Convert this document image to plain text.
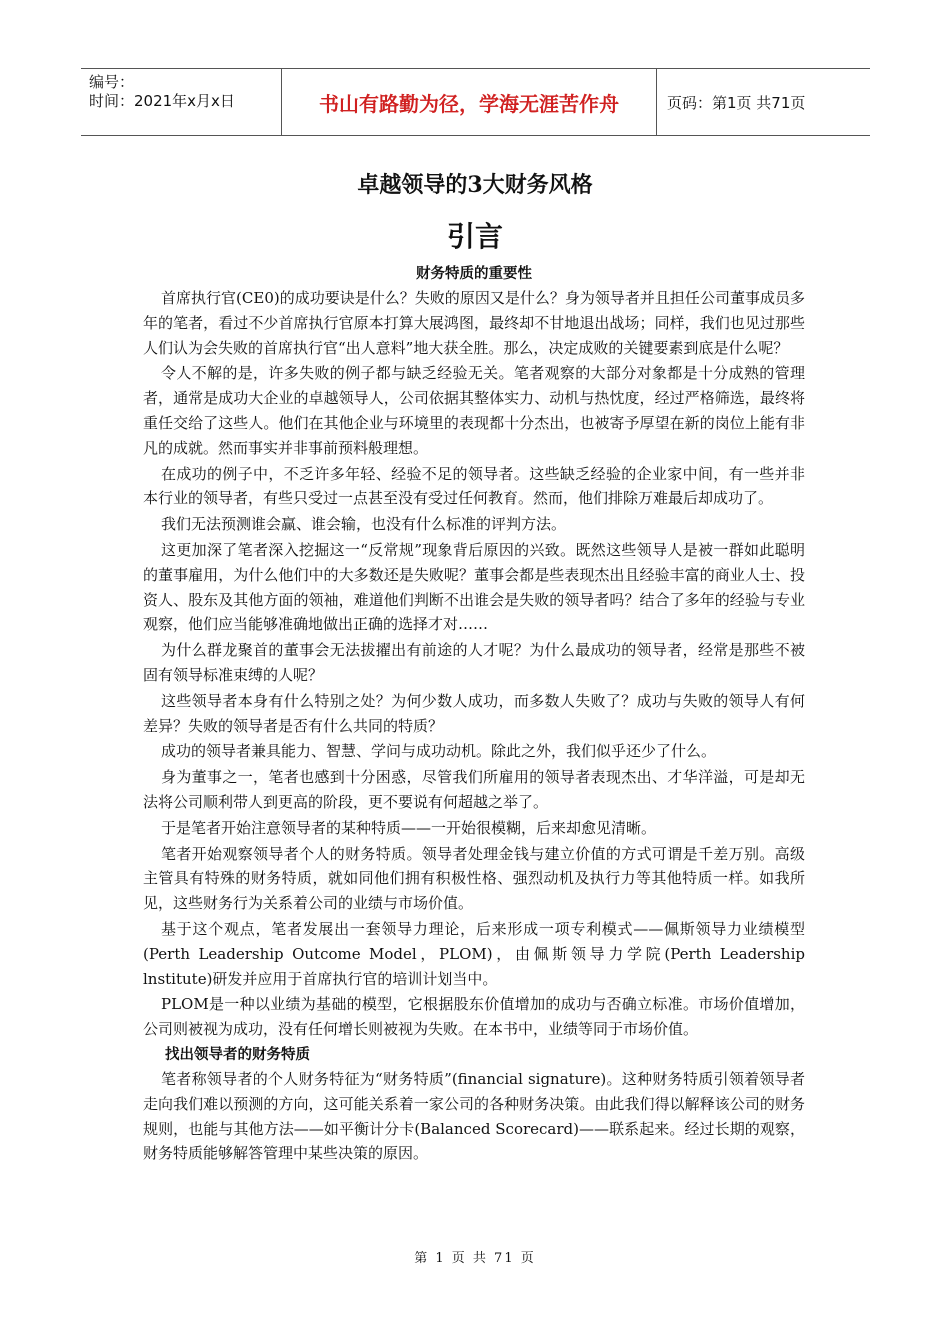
编号：
时间：2021年x月x日	书山有路勤为径，学海无涯苦作舟	页码：第1页 共71页
卓越领导的3大财务风格
引言
财务特质的重要性

首席执行官(CE0)的成功要诀是什么？失败的原因又是什么？身为领导者并且担任公司董事成员多年的笔者，看过不少首席执行官原本打算大展鸿图，最终却不甘地退出战场；同样，我们也见过那些人们认为会失败的首席执行官“出人意料”地大获全胜。那么，决定成败的关键要素到底是什么呢？

令人不解的是，许多失败的例子都与缺乏经验无关。笔者观察的大部分对象都是十分成熟的管理者，通常是成功大企业的卓越领导人，公司依据其整体实力、动机与热忱度，经过严格筛选，最终将重任交给了这些人。他们在其他企业与环境里的表现都十分杰出，也被寄予厚望在新的岗位上能有非凡的成就。然而事实并非事前预料般理想。

在成功的例子中，不乏许多年轻、经验不足的领导者。这些缺乏经验的企业家中间，有一些并非本行业的领导者，有些只受过一点甚至没有受过任何教育。然而，他们排除万难最后却成功了。

我们无法预测谁会赢、谁会输，也没有什么标准的评判方法。

这更加深了笔者深入挖掘这一“反常规”现象背后原因的兴致。既然这些领导人是被一群如此聪明的董事雇用，为什么他们中的大多数还是失败呢？董事会都是些表现杰出且经验丰富的商业人士、投资人、股东及其他方面的领袖，难道他们判断不出谁会是失败的领导者吗？结合了多年的经验与专业观察，他们应当能够准确地做出正确的选择才对……

为什么群龙聚首的董事会无法拔擢出有前途的人才呢？为什么最成功的领导者，经常是那些不被固有领导标准束缚的人呢？

这些领导者本身有什么特别之处？为何少数人成功，而多数人失败了？成功与失败的领导人有何差异？失败的领导者是否有什么共同的特质？

成功的领导者兼具能力、智慧、学问与成功动机。除此之外，我们似乎还少了什么。

身为董事之一，笔者也感到十分困惑，尽管我们所雇用的领导者表现杰出、才华洋溢，可是却无法将公司顺利带人到更高的阶段，更不要说有何超越之举了。

于是笔者开始注意领导者的某种特质——一开始很模糊，后来却愈见清晰。

笔者开始观察领导者个人的财务特质。领导者处理金钱与建立价值的方式可谓是千差万别。高级主管具有特殊的财务特质，就如同他们拥有积极性格、强烈动机及执行力等其他特质一样。如我所见，这些财务行为关系着公司的业绩与市场价值。

基于这个观点，笔者发展出一套领导力理论，后来形成一项专利模式——佩斯领导力业绩模型(Perth Leadership Outcome Model，PLOM)，由佩斯领导力学院(Perth Leadership lnstitute)研发并应用于首席执行官的培训计划当中。

PLOM是一种以业绩为基础的模型，它根据股东价值增加的成功与否确立标准。市场价值增加，公司则被视为成功，没有任何增长则被视为失败。在本书中，业绩等同于市场价值。

找出领导者的财务特质

笔者称领导者的个人财务特征为“财务特质”(financial signature)。这种财务特质引领着领导者走向我们难以预测的方向，这可能关系着一家公司的各种财务决策。由此我们得以解释该公司的财务规则，也能与其他方法——如平衡计分卡(Balanced Scorecard)——联系起来。经过长期的观察，财务特质能够解答管理中某些决策的原因。

第 1 页 共 71 页
